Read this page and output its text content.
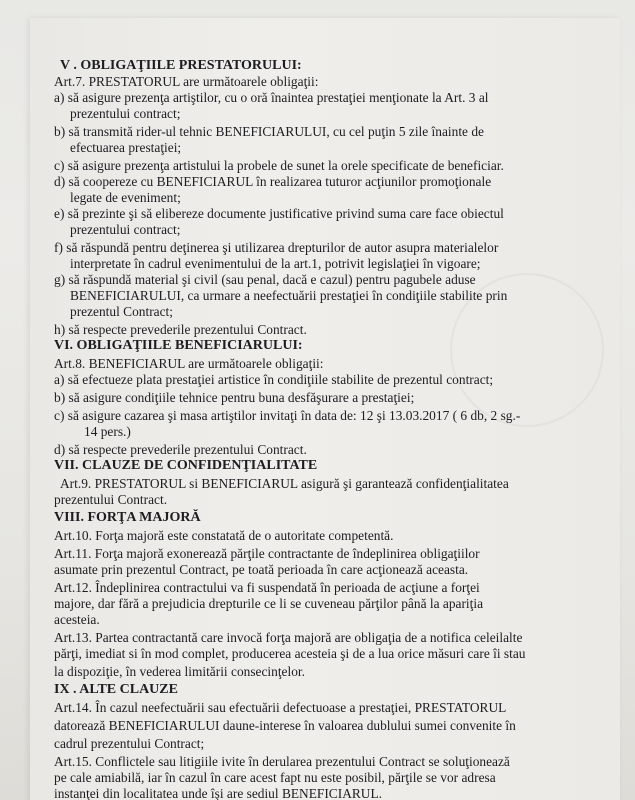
V . OBLIGAŢIILE PRESTATORULUI:
Art.7. PRESTATORUL are următoarele obligaţii:
a) să asigure prezenţa artiştilor, cu o oră înaintea prestaţiei menţionate la Art. 3 al
prezentului contract;
b) să transmită rider-ul tehnic BENEFICIARULUI, cu cel puţin 5 zile înainte de
efectuarea prestaţiei;
c) să asigure prezenţa artistului la probele de sunet la orele specificate de beneficiar.
d) să coopereze cu BENEFICIARUL în realizarea tuturor acţiunilor promoţionale
legate de eveniment;
e) să prezinte şi să elibereze documente justificative privind suma care face obiectul
prezentului contract;
f) să răspundă pentru deţinerea şi utilizarea drepturilor de autor asupra materialelor
interpretate în cadrul evenimentului de la art.1, potrivit legislaţiei în vigoare;
g) să răspundă material şi civil (sau penal, dacă e cazul) pentru pagubele aduse
BENEFICIARULUI, ca urmare a neefectuării prestaţiei în condiţiile stabilite prin
prezentul Contract;
h) să respecte prevederile prezentului Contract.
VI. OBLIGAŢIILE BENEFICIARULUI:
Art.8. BENEFICIARUL are următoarele obligaţii:
a) să efectueze plata prestaţiei artistice în condiţiile stabilite de prezentul contract;
b) să asigure condiţiile tehnice pentru buna desfăşurare a prestaţiei;
c) să asigure cazarea şi masa artiştilor invitaţi în data de: 12 şi 13.03.2017 ( 6 db, 2 sg.-
14 pers.)
d) să respecte prevederile prezentului Contract.
VII. CLAUZE DE CONFIDENŢIALITATE
Art.9. PRESTATORUL si BENEFICIARUL asigură şi garantează confidenţialitatea
prezentului Contract.
VIII. FORŢA MAJORĂ
Art.10. Forţa majoră este constatată de o autoritate competentă.
Art.11. Forţa majoră exonerează părţile contractante de îndeplinirea obligaţiilor
asumate prin prezentul Contract, pe toată perioada în care acţionează aceasta.
Art.12. Îndeplinirea contractului va fi suspendată în perioada de acţiune a forţei
majore, dar fără a prejudicia drepturile ce li se cuveneau părţilor până la apariţia
acesteia.
Art.13. Partea contractantă care invocă forţa majoră are obligaţia de a notifica celeilalte
părţi, imediat si în mod complet, producerea acesteia şi de a lua orice măsuri care îi stau
la dispoziţie, în vederea limitării consecinţelor.
IX . ALTE CLAUZE
Art.14. În cazul neefectuării sau efectuării defectuoase a prestaţiei, PRESTATORUL
datorează BENEFICIARULUI daune-interese în valoarea dublului sumei convenite în
cadrul prezentului Contract;
Art.15. Conflictele sau litigiile ivite în derularea prezentului Contract se soluţionează
pe cale amiabilă, iar în cazul în care acest fapt nu este posibil, părţile se vor adresa
instanţei din localitatea unde îşi are sediul BENEFICIARUL.
